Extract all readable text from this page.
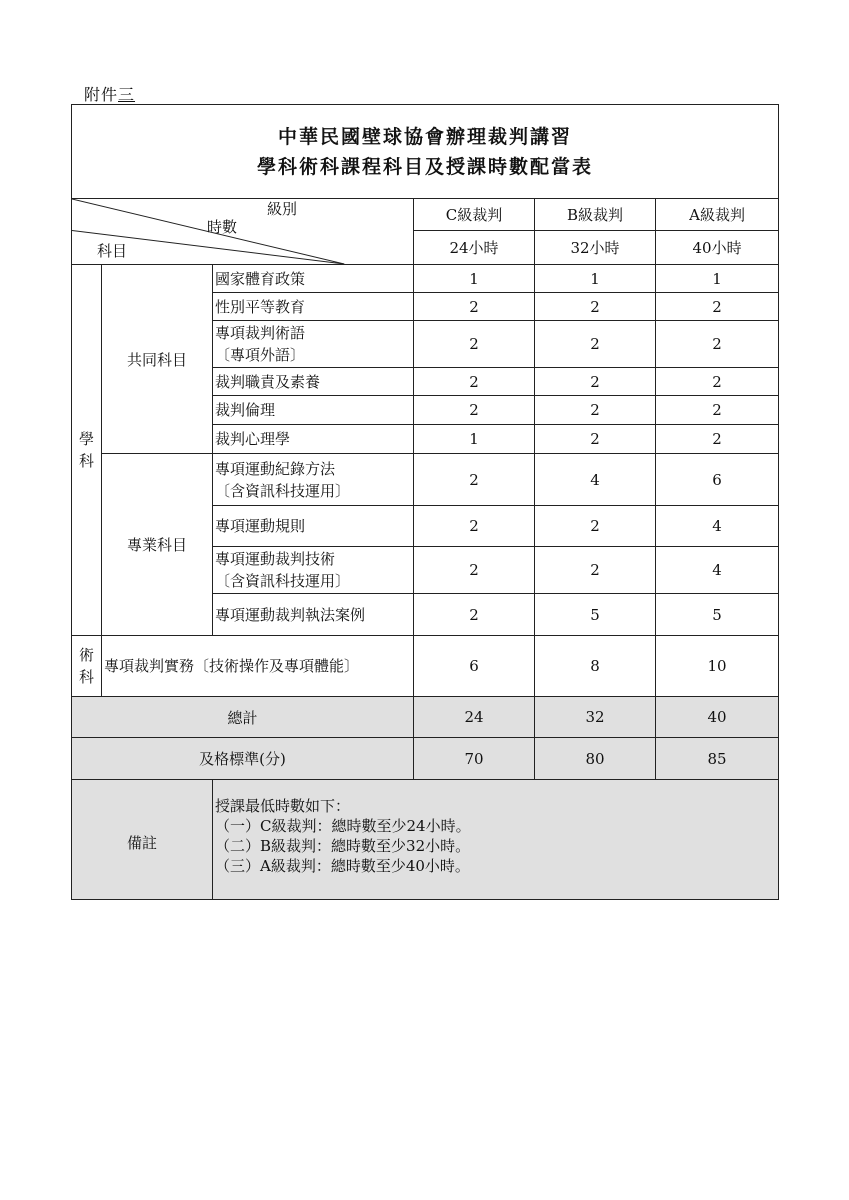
附件三
中華民國壁球協會辦理裁判講習
學科術科課程科目及授課時數配當表					

級別
時數
科目			C級裁判	B級裁判	A級裁判
			24小時	32小時	40小時

學科	共同科目	國家體育政策	1	1	1
		性別平等教育	2	2	2

		專項裁判術語
〔專項外語〕	2	2	2
		裁判職責及素養	2	2	2
		裁判倫理	2	2	2
		裁判心理學	1	2	2
	專業科目	專項運動紀錄方法
〔含資訊科技運用〕	2	4	6
		專項運動規則	2	2	4

		專項運動裁判技術
〔含資訊科技運用〕	2	2	4
		專項運動裁判執法案例	2	5	5

術科	專項裁判實務〔技術操作及專項體能〕		6	8	10
總計			24	32	40
及格標準(分)			70	80	85
備註		授課最低時數如下：
（一）C級裁判：總時數至少24小時。
（二）B級裁判：總時數至少32小時。
（三）A級裁判：總時數至少40小時。			
